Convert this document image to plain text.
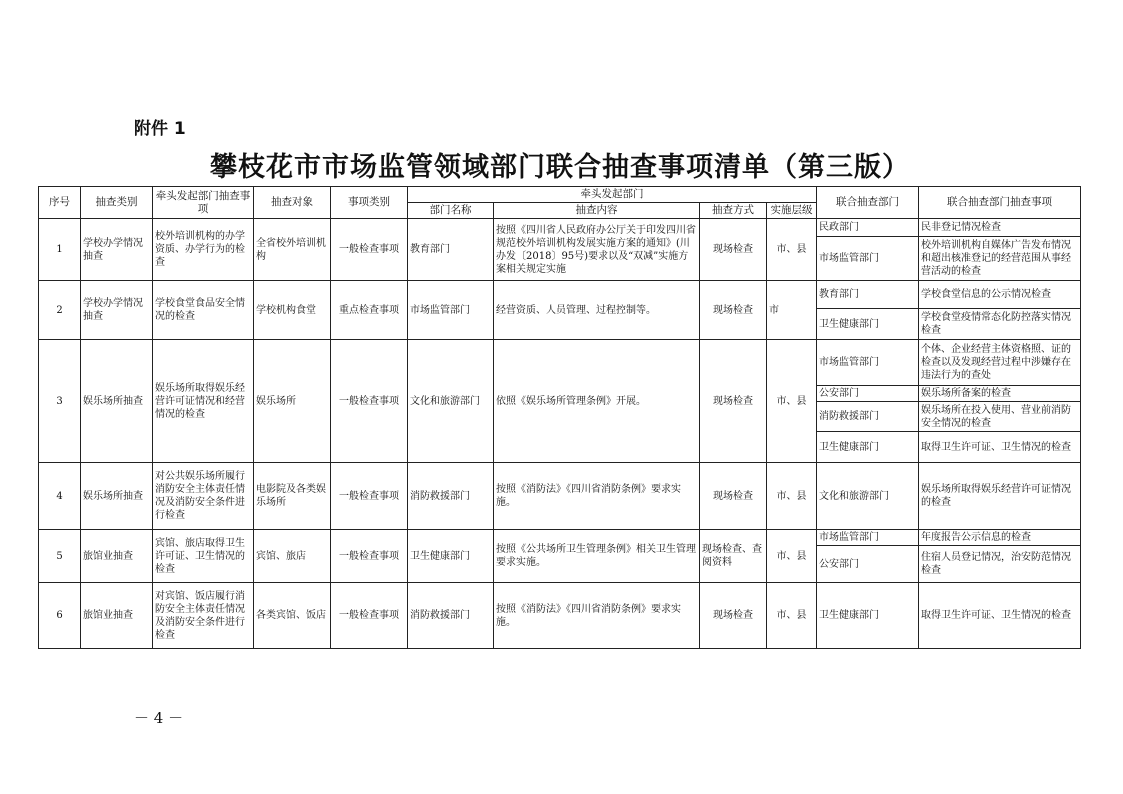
附件 1
攀枝花市市场监管领域部门联合抽查事项清单（第三版）
序号	抽查类别	牵头发起部门抽查事项	抽查对象	事项类别	牵头发起部门				联合抽查部门	联合抽查部门抽查事项
					部门名称	抽查内容	抽查方式	实施层级		
1	学校办学情况抽查	校外培训机构的办学资质、办学行为的检查	全省校外培训机构	一般检查事项	教育部门	按照《四川省人民政府办公厅关于印发四川省规范校外培训机构发展实施方案的通知》(川办发〔2018〕95号)要求以及“双减”实施方案相关规定实施	现场检查	市、县	民政部门	民非登记情况检查
									市场监管部门	校外培训机构自媒体广告发布情况和超出核准登记的经营范围从事经营活动的检查
2	学校办学情况抽查	学校食堂食品安全情况的检查	学校机构食堂	重点检查事项	市场监管部门	经营资质、人员管理、过程控制等。	现场检查	市	教育部门	学校食堂信息的公示情况检查
									卫生健康部门	学校食堂疫情常态化防控落实情况检查
3	娱乐场所抽查	娱乐场所取得娱乐经营许可证情况和经营情况的检查	娱乐场所	一般检查事项	文化和旅游部门	依照《娱乐场所管理条例》开展。	现场检查	市、县	市场监管部门	个体、企业经营主体资格照、证的检查以及发现经营过程中涉嫌存在违法行为的查处
									公安部门	娱乐场所备案的检查
									消防救援部门	娱乐场所在投入使用、营业前消防安全情况的检查
									卫生健康部门	取得卫生许可证、卫生情况的检查
4	娱乐场所抽查	对公共娱乐场所履行消防安全主体责任情况及消防安全条件进行检查	电影院及各类娱乐场所	一般检查事项	消防救援部门	按照《消防法》《四川省消防条例》要求实施。	现场检查	市、县	文化和旅游部门	娱乐场所取得娱乐经营许可证情况的检查
5	旅馆业抽查	宾馆、旅店取得卫生许可证、卫生情况的检查	宾馆、旅店	一般检查事项	卫生健康部门	按照《公共场所卫生管理条例》相关卫生管理要求实施。	现场检查、查阅资料	市、县	市场监管部门	年度报告公示信息的检查
									公安部门	住宿人员登记情况，治安防范情况检查
6	旅馆业抽查	对宾馆、饭店履行消防安全主体责任情况及消防安全条件进行检查	各类宾馆、饭店	一般检查事项	消防救援部门	按照《消防法》《四川省消防条例》要求实施。	现场检查	市、县	卫生健康部门	取得卫生许可证、卫生情况的检查
－ 4 －
